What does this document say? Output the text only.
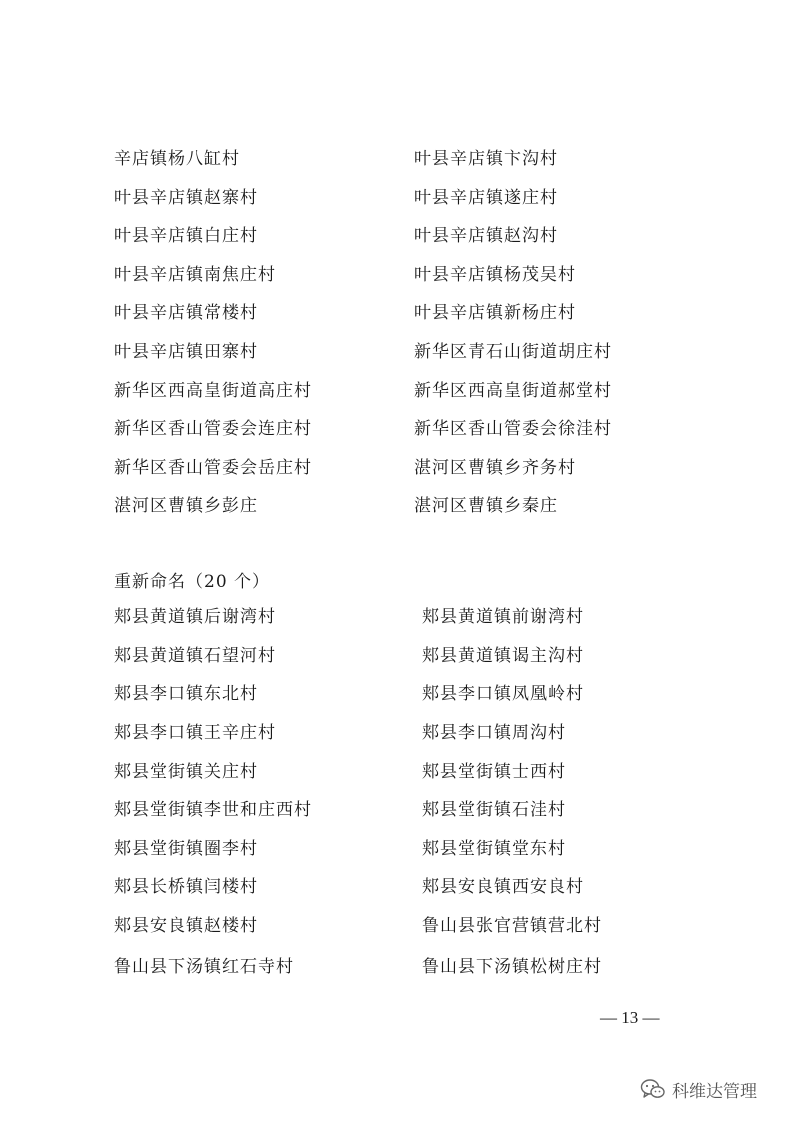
辛店镇杨八缸村	叶县辛店镇卞沟村
叶县辛店镇赵寨村	叶县辛店镇遂庄村
叶县辛店镇白庄村	叶县辛店镇赵沟村
叶县辛店镇南焦庄村	叶县辛店镇杨茂吴村
叶县辛店镇常楼村	叶县辛店镇新杨庄村
叶县辛店镇田寨村	新华区青石山街道胡庄村
新华区西高皇街道高庄村	新华区西高皇街道郝堂村
新华区香山管委会连庄村	新华区香山管委会徐洼村
新华区香山管委会岳庄村	湛河区曹镇乡齐务村
湛河区曹镇乡彭庄	湛河区曹镇乡秦庄
重新命名（20 个）
郏县黄道镇后谢湾村	郏县黄道镇前谢湾村
郏县黄道镇石望河村	郏县黄道镇谒主沟村
郏县李口镇东北村	郏县李口镇凤凰岭村
郏县李口镇王辛庄村	郏县李口镇周沟村
郏县堂街镇关庄村	郏县堂街镇士西村
郏县堂街镇李世和庄西村	郏县堂街镇石洼村
郏县堂街镇圈李村	郏县堂街镇堂东村
郏县长桥镇闫楼村	郏县安良镇西安良村
郏县安良镇赵楼村	鲁山县张官营镇营北村
鲁山县下汤镇红石寺村	鲁山县下汤镇松树庄村
— 13 —
科维达管理
